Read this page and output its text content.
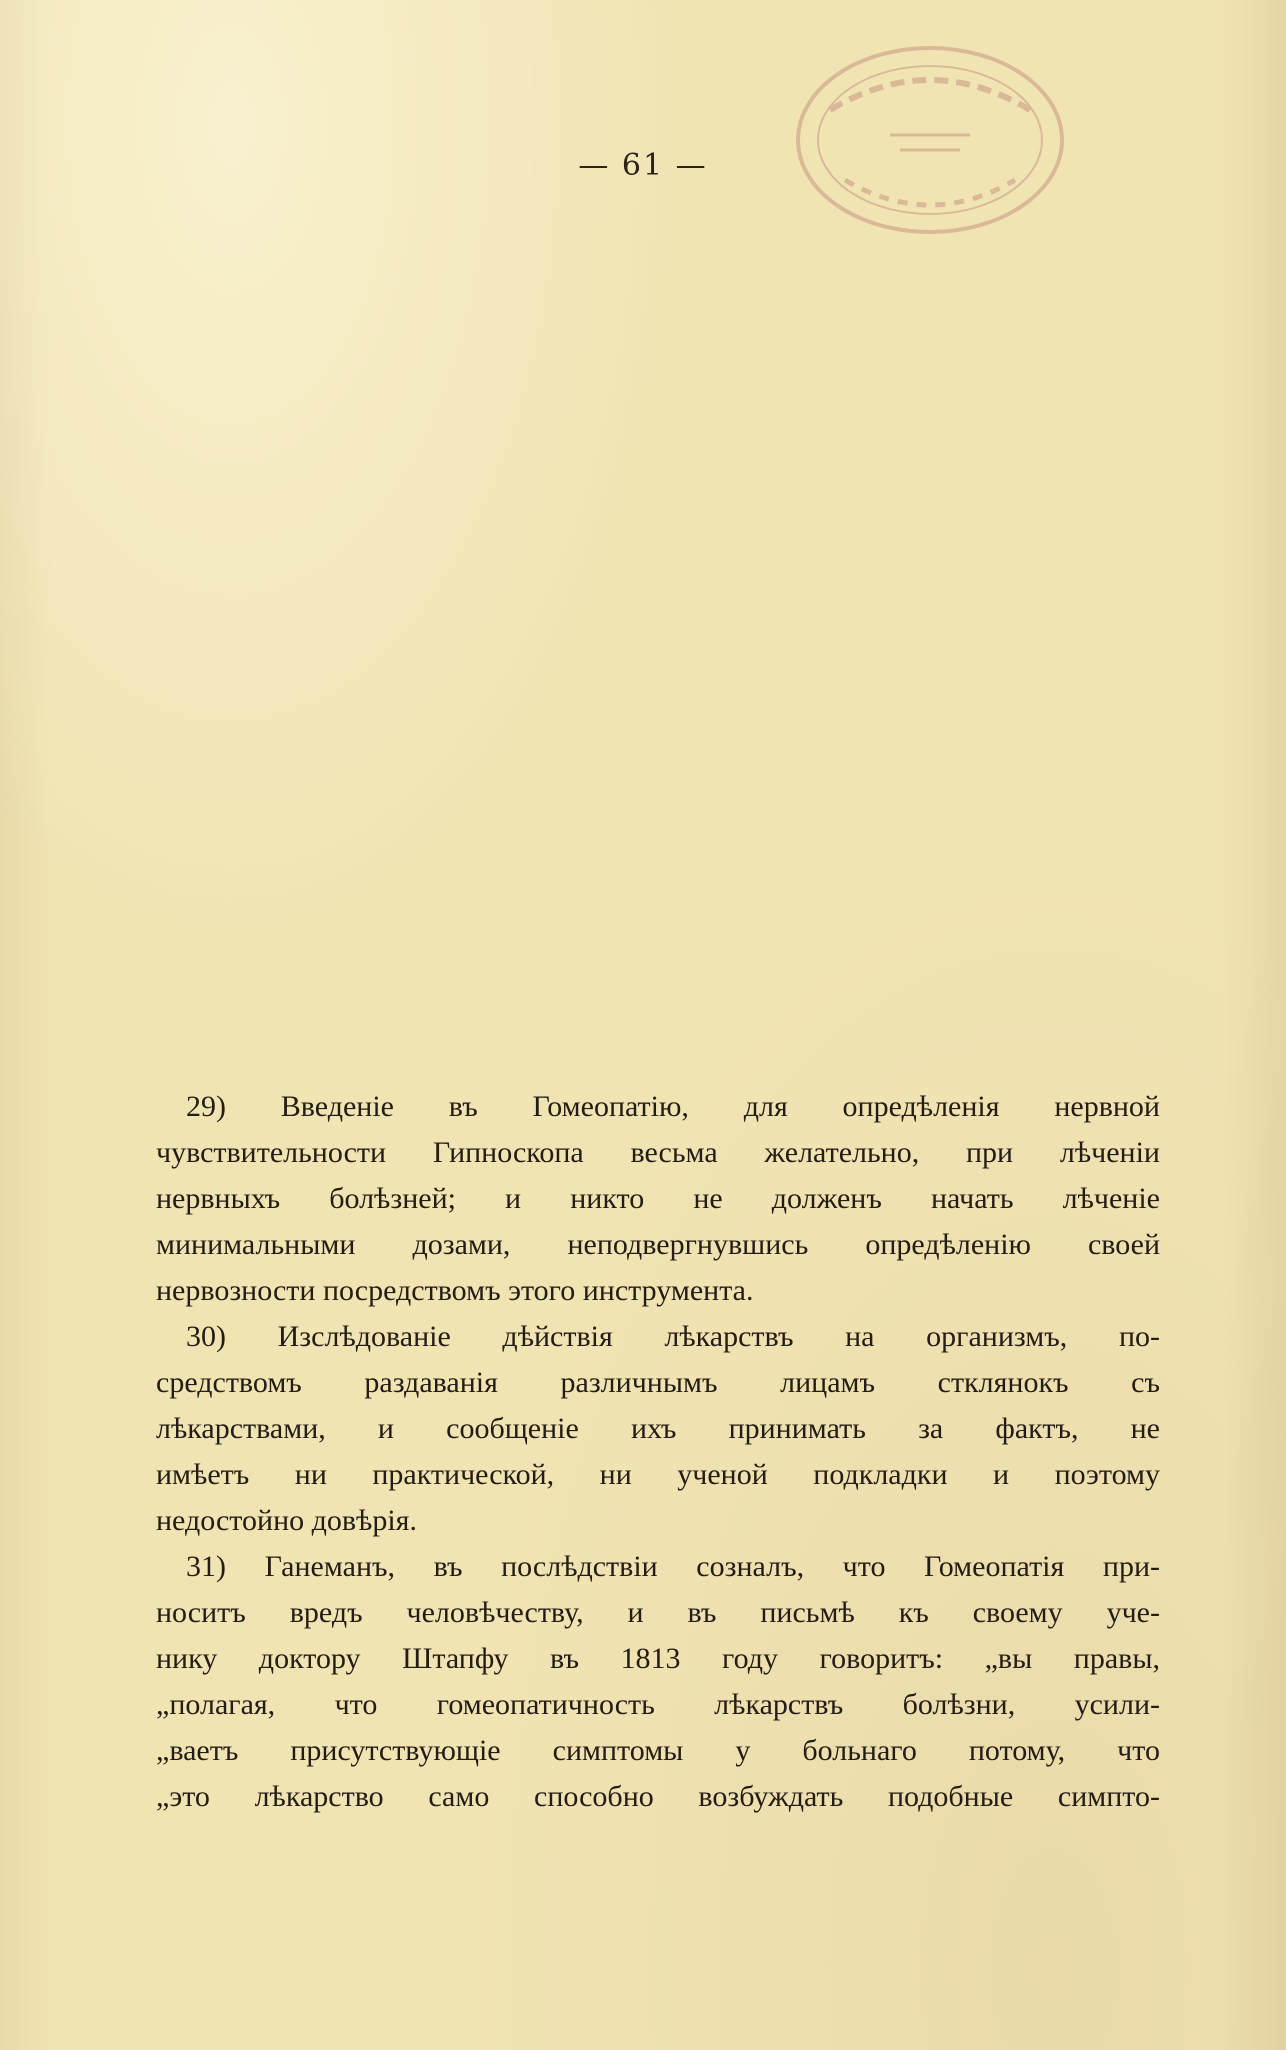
— 61 —
29) Введеніе въ Гомеопатію, для опредѣленія нервной
чувствительности Гипноскопа весьма желательно, при лѣченіи
нервныхъ болѣзней; и никто не долженъ начать лѣченіе
минимальными дозами, неподвергнувшись опредѣленію своей
нервозности посредствомъ этого инструмента.
30) Изслѣдованіе дѣйствія лѣкарствъ на организмъ, по-
средствомъ раздаванія различнымъ лицамъ стклянокъ съ
лѣкарствами, и сообщеніе ихъ принимать за фактъ, не
имѣетъ ни практической, ни ученой подкладки и поэтому
недостойно довѣрія.
31) Ганеманъ, въ послѣдствіи созналъ, что Гомеопатія при-
носитъ вредъ человѣчеству, и въ письмѣ къ своему уче-
нику доктору Штапфу въ 1813 году говоритъ: „вы правы,
„полагая, что гомеопатичность лѣкарствъ болѣзни, усили-
„ваетъ присутствующіе симптомы у больнаго потому, что
„это лѣкарство само способно возбуждать подобные симпто-
